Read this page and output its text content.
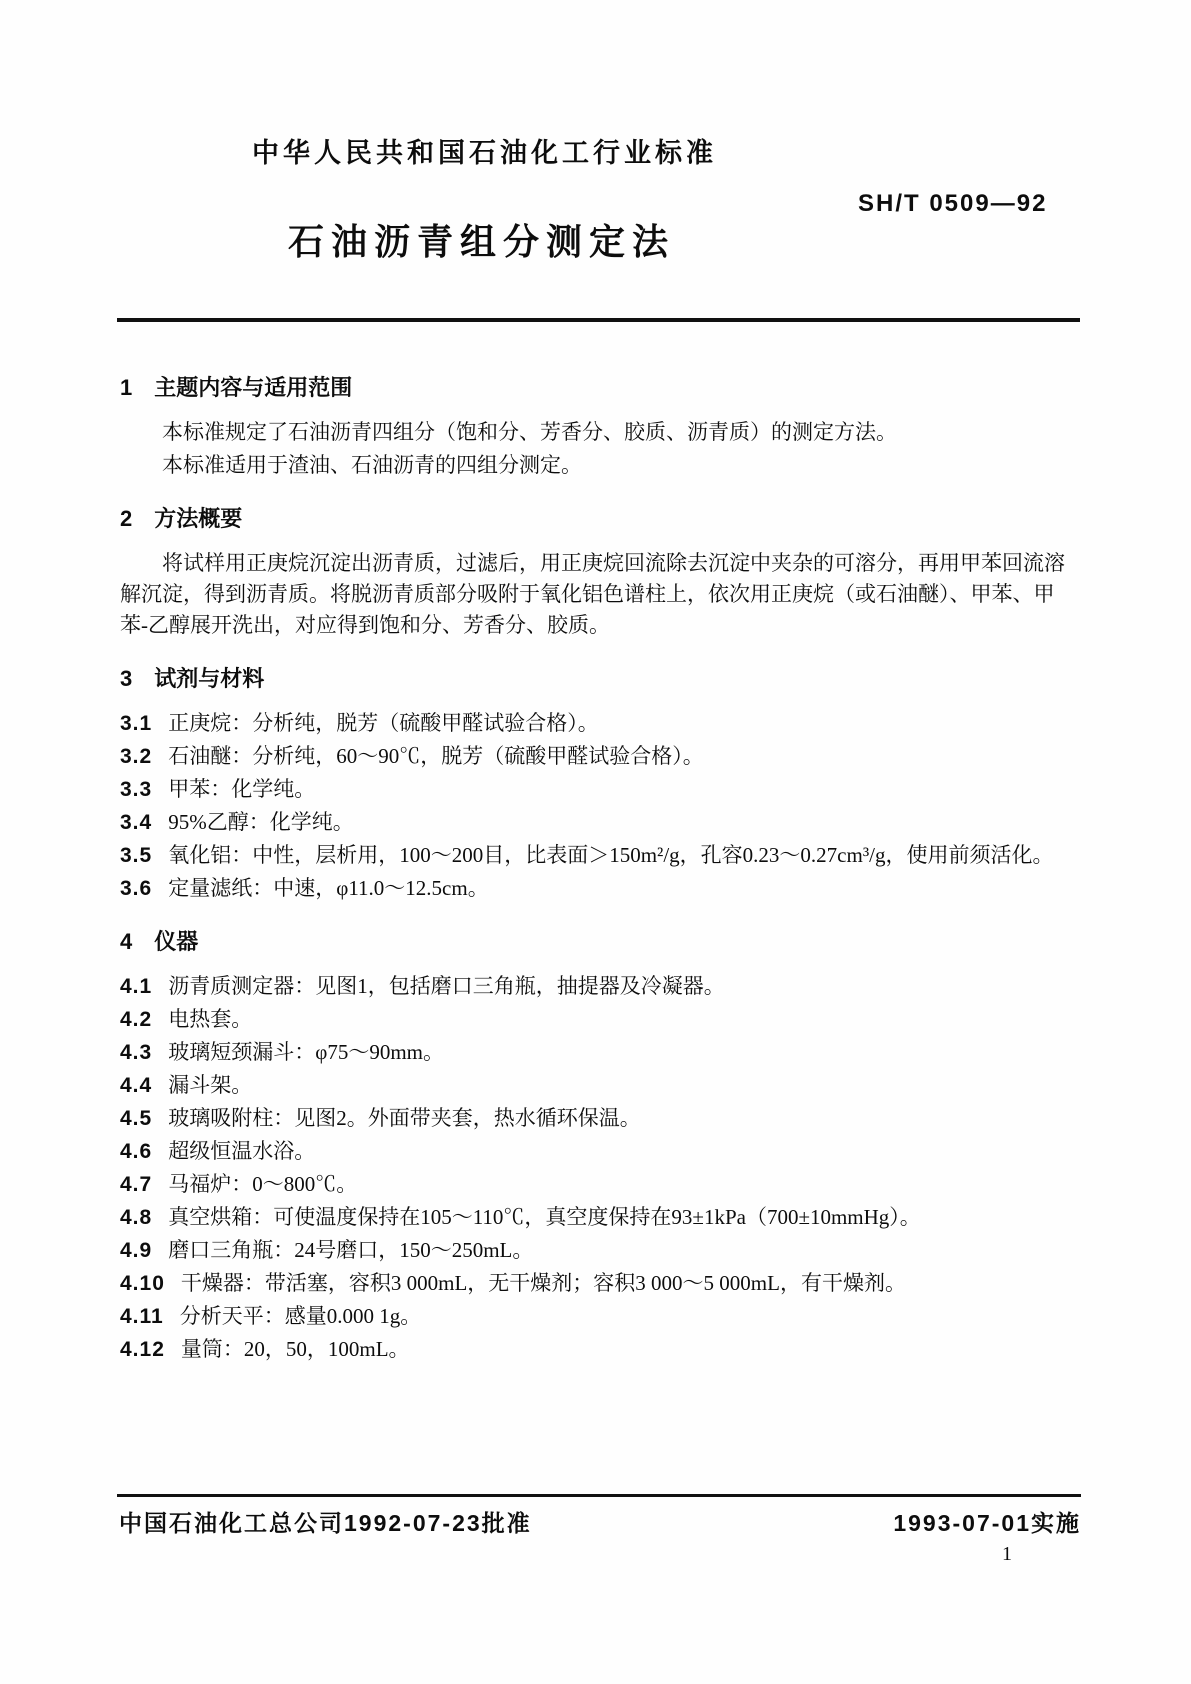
中华人民共和国石油化工行业标准
SH/T 0509—92
石油沥青组分测定法
1 主题内容与适用范围

本标准规定了石油沥青四组分（饱和分、芳香分、胶质、沥青质）的测定方法。

本标准适用于渣油、石油沥青的四组分测定。

2 方法概要

将试样用正庚烷沉淀出沥青质，过滤后，用正庚烷回流除去沉淀中夹杂的可溶分，再用甲苯回流溶解沉淀，得到沥青质。将脱沥青质部分吸附于氧化铝色谱柱上，依次用正庚烷（或石油醚）、甲苯、甲苯-乙醇展开洗出，对应得到饱和分、芳香分、胶质。

3 试剂与材料

3.1 正庚烷：分析纯，脱芳（硫酸甲醛试验合格）。

3.2 石油醚：分析纯，60～90℃，脱芳（硫酸甲醛试验合格）。

3.3 甲苯：化学纯。

3.4 95%乙醇：化学纯。

3.5 氧化铝：中性，层析用，100～200目，比表面＞150m²/g，孔容0.23～0.27cm³/g，使用前须活化。

3.6 定量滤纸：中速，φ11.0～12.5cm。

4 仪器

4.1 沥青质测定器：见图1，包括磨口三角瓶，抽提器及冷凝器。

4.2 电热套。

4.3 玻璃短颈漏斗：φ75～90mm。

4.4 漏斗架。

4.5 玻璃吸附柱：见图2。外面带夹套，热水循环保温。

4.6 超级恒温水浴。

4.7 马福炉：0～800℃。

4.8 真空烘箱：可使温度保持在105～110℃，真空度保持在93±1kPa（700±10mmHg）。

4.9 磨口三角瓶：24号磨口，150～250mL。

4.10 干燥器：带活塞，容积3 000mL，无干燥剂；容积3 000～5 000mL，有干燥剂。

4.11 分析天平：感量0.000 1g。

4.12 量筒：20，50，100mL。

中国石油化工总公司1992-07-23批准	1993-07-01实施
1
